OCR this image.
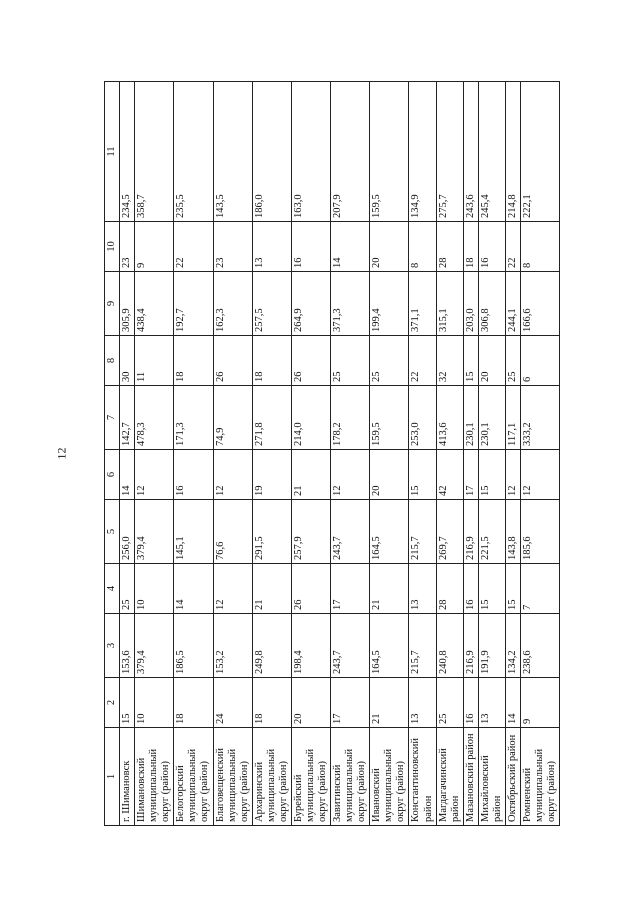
12
1	2	3	4	5	6	7	8	9	10	11
г. Шимановск	15	153,6	25	256,0	14	142,7	30	305,9	23	234,5
Шимановский муниципальный округ (район)	10	379,4	10	379,4	12	478,3	11	438,4	9	358,7
Белогорский муниципальный округ (район)	18	186,5	14	145,1	16	171,3	18	192,7	22	235,5
Благовещенский муниципальный округ (район)	24	153,2	12	76,6	12	74,9	26	162,3	23	143,5
Архаринский муниципальный округ (район)	18	249,8	21	291,5	19	271,8	18	257,5	13	186,0
Бурейский муниципальный округ (район)	20	198,4	26	257,9	21	214,0	26	264,9	16	163,0
Завитинский муниципальный округ (район)	17	243,7	17	243,7	12	178,2	25	371,3	14	207,9
Ивановский муниципальный округ (район)	21	164,5	21	164,5	20	159,5	25	199,4	20	159,5
Константиновский район	13	215,7	13	215,7	15	253,0	22	371,1	8	134,9
Магдагачинский район	25	240,8	28	269,7	42	413,6	32	315,1	28	275,7
Мазановский район	16	216,9	16	216,9	17	230,1	15	203,0	18	243,6
Михайловский район	13	191,9	15	221,5	15	230,1	20	306,8	16	245,4
Октябрьский район	14	134,2	15	143,8	12	117,1	25	244,1	22	214,8
Ромненский муниципальный округ (район)	9	238,6	7	185,6	12	333,2	6	166,6	8	222,1
